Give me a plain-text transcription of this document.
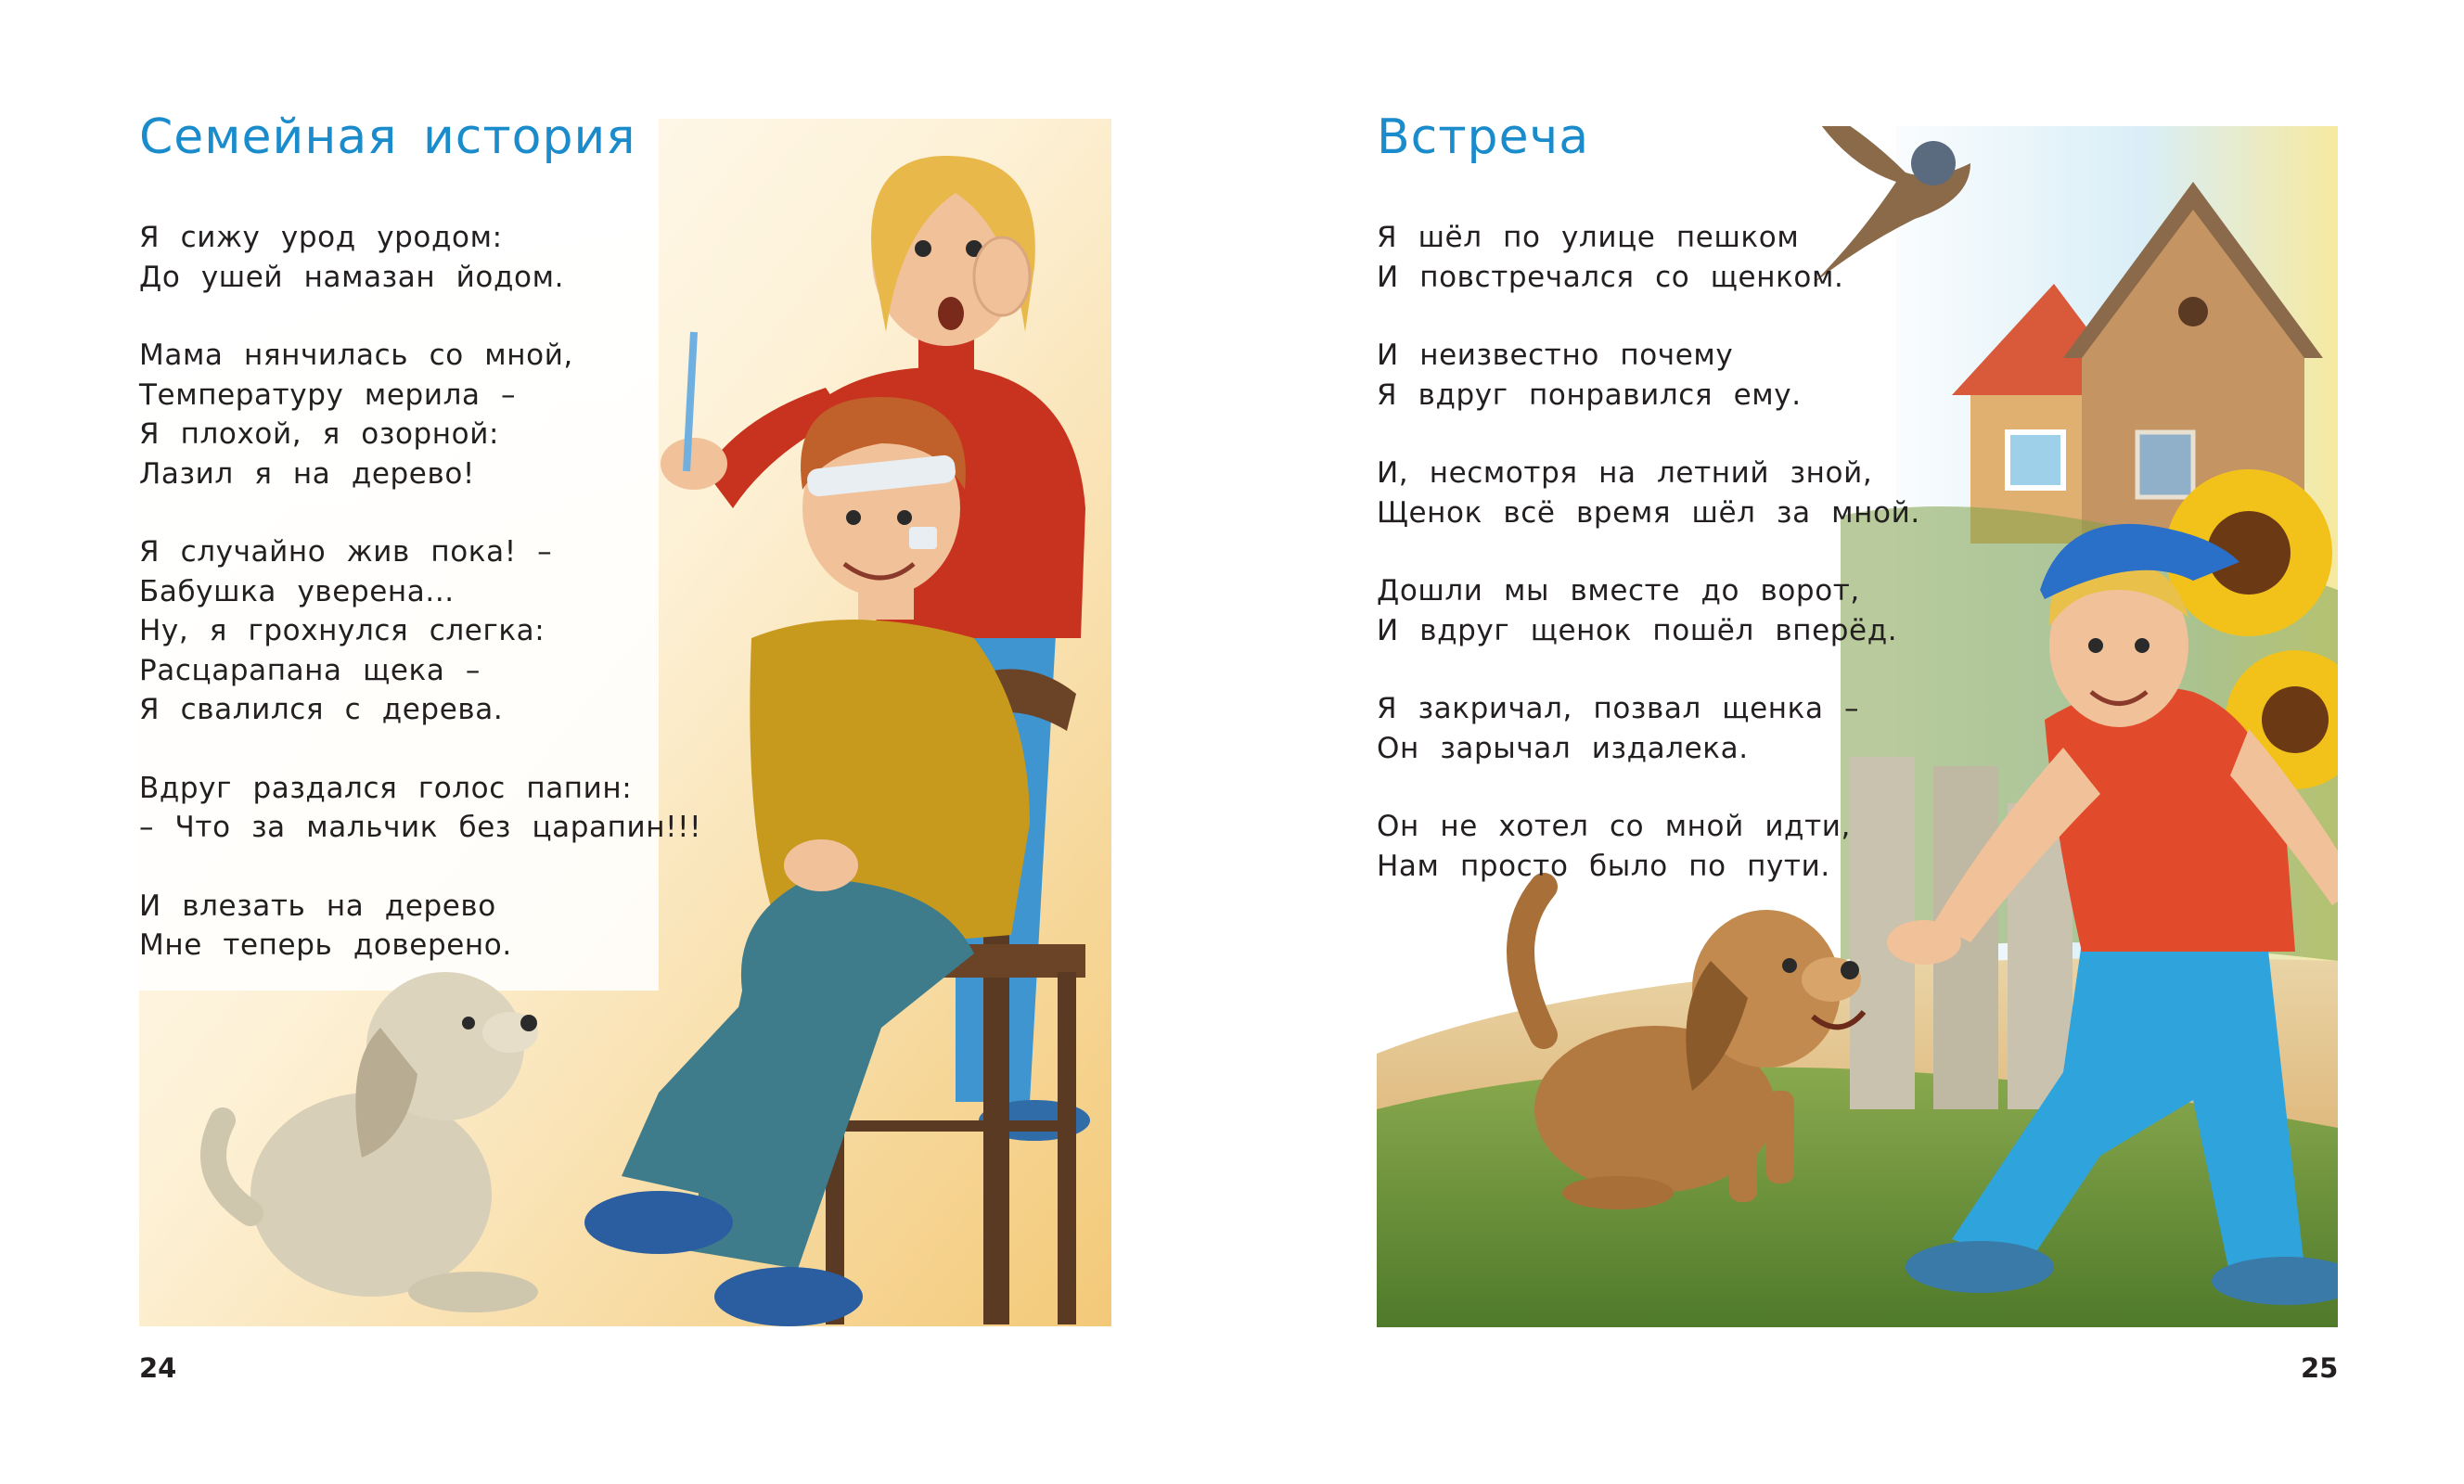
Семейная история
Я сижу урод уродом:
До ушей намазан йодом.
Мама нянчилась со мной,
Температуру мерила –
Я плохой, я озорной:
Лазил я на дерево!
Я случайно жив пока! –
Бабушка уверена...
Ну, я грохнулся слегка:
Расцарапана щека –
Я свалился с дерева.
Вдруг раздался голос папин:
– Что за мальчик без царапин!!!
И влезать на дерево
Мне теперь доверено.
24
Встреча
Я шёл по улице пешком
И повстречался со щенком.
И неизвестно почему
Я вдруг понравился ему.
И, несмотря на летний зной,
Щенок всё время шёл за мной.
Дошли мы вместе до ворот,
И вдруг щенок пошёл вперёд.
Я закричал, позвал щенка –
Он зарычал издалека.
Он не хотел со мной идти,
Нам просто было по пути.
25
